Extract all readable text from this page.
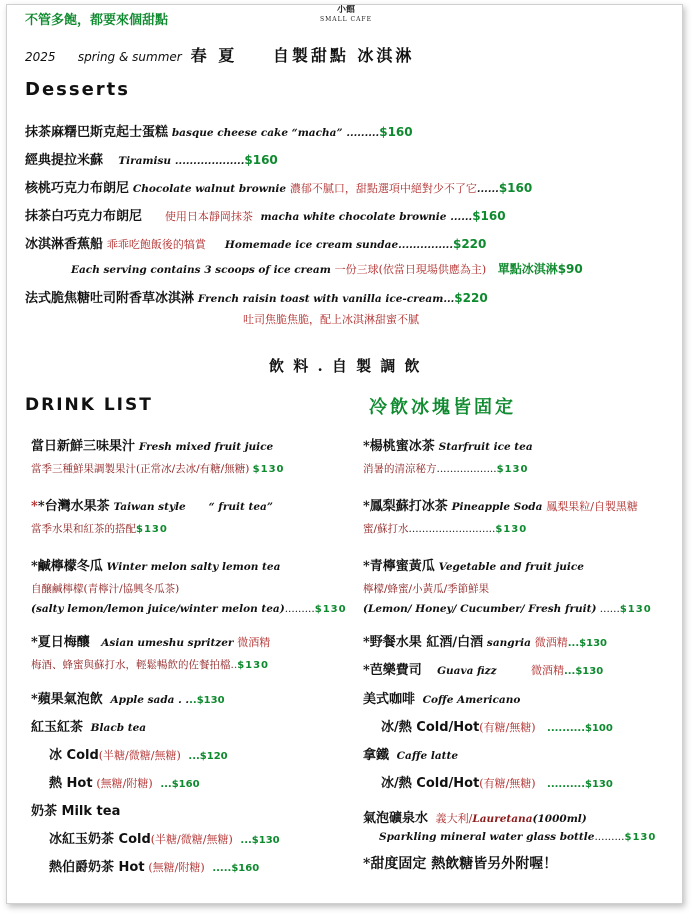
不管多飽，都要來個甜點
小館
SMALL CAFE
2025 spring & summer 春 夏 自製甜點 冰淇淋
Desserts
抹茶麻糬巴斯克起士蛋糕 basque cheese cake “macha” .........$160
經典提拉米蘇 Tiramisu ...................$160
核桃巧克力布朗尼 Chocolate walnut brownie 濃郁不膩口，甜點選項中絕對少不了它......$160
抹茶白巧克力布朗尼 使用日本靜岡抹茶 macha white chocolate brownie ......$160
冰淇淋香蕉船 乖乖吃飽飯後的犒賞 Homemade ice cream sundae...............$220
Each serving contains 3 scoops of ice cream 一份三球(依當日現場供應為主) 單點冰淇淋$90
法式脆焦糖吐司附香草冰淇淋 French raisin toast with vanilla ice-cream...$220
吐司焦脆焦脆，配上冰淇淋甜蜜不膩
飲 料 . 自 製 調 飲
DRINK LIST	冷飲冰塊皆固定
當日新鮮三味果汁 Fresh mixed fruit juice
當季三種鮮果調製果汁(正常冰/去冰/有糖/無糖) $130
**台灣水果茶 Taiwan style “ fruit tea”
當季水果和紅茶的搭配$130
*鹹檸檬冬瓜 Winter melon salty lemon tea
自醸鹹檸檬(青檸汁/協興冬瓜茶)
(salty lemon/lemon juice/winter melon tea).........$130
*夏日梅釀 Asian umeshu spritzer 微酒精
梅酒、蜂蜜與蘇打水，輕鬆暢飲的佐餐拍檔..$130
*蘋果氣泡飲 Apple sada . ...$130
紅玉紅茶 Blacb tea
冰 Cold(半糖/微糖/無糖) ...$120
熱 Hot (無糖/附糖) ...$160
奶茶 Milk tea
冰紅玉奶茶 Cold(半糖/微糖/無糖) ...$130
熱伯爵奶茶 Hot (無糖/附糖) .....$160
*楊桃蜜冰茶 Starfruit ice tea
消暑的清涼秘方..................$130
*鳳梨蘇打冰茶 Pineapple Soda 鳳梨果粒/自製黑糖
蜜/蘇打水..........................$130
*青檸蜜黃瓜 Vegetable and fruit juice
檸檬/蜂蜜/小黃瓜/季節鮮果
(Lemon/ Honey/ Cucumber/ Fresh fruit) ......$130
*野餐水果 紅酒/白酒 sangria 微酒精...$130
*芭樂費司 Guava fizz	微酒精...$130
美式咖啡 Coffe Americano
冰/熱 Cold/Hot(有糖/無糖) ..........$100
拿鐵 Caffe latte
冰/熱 Cold/Hot(有糖/無糖) ..........$130
氣泡礦泉水 義大利/Lauretana(1000ml)
Sparkling mineral water glass bottle.........$130
*甜度固定 熱飲糖皆另外附喔！
